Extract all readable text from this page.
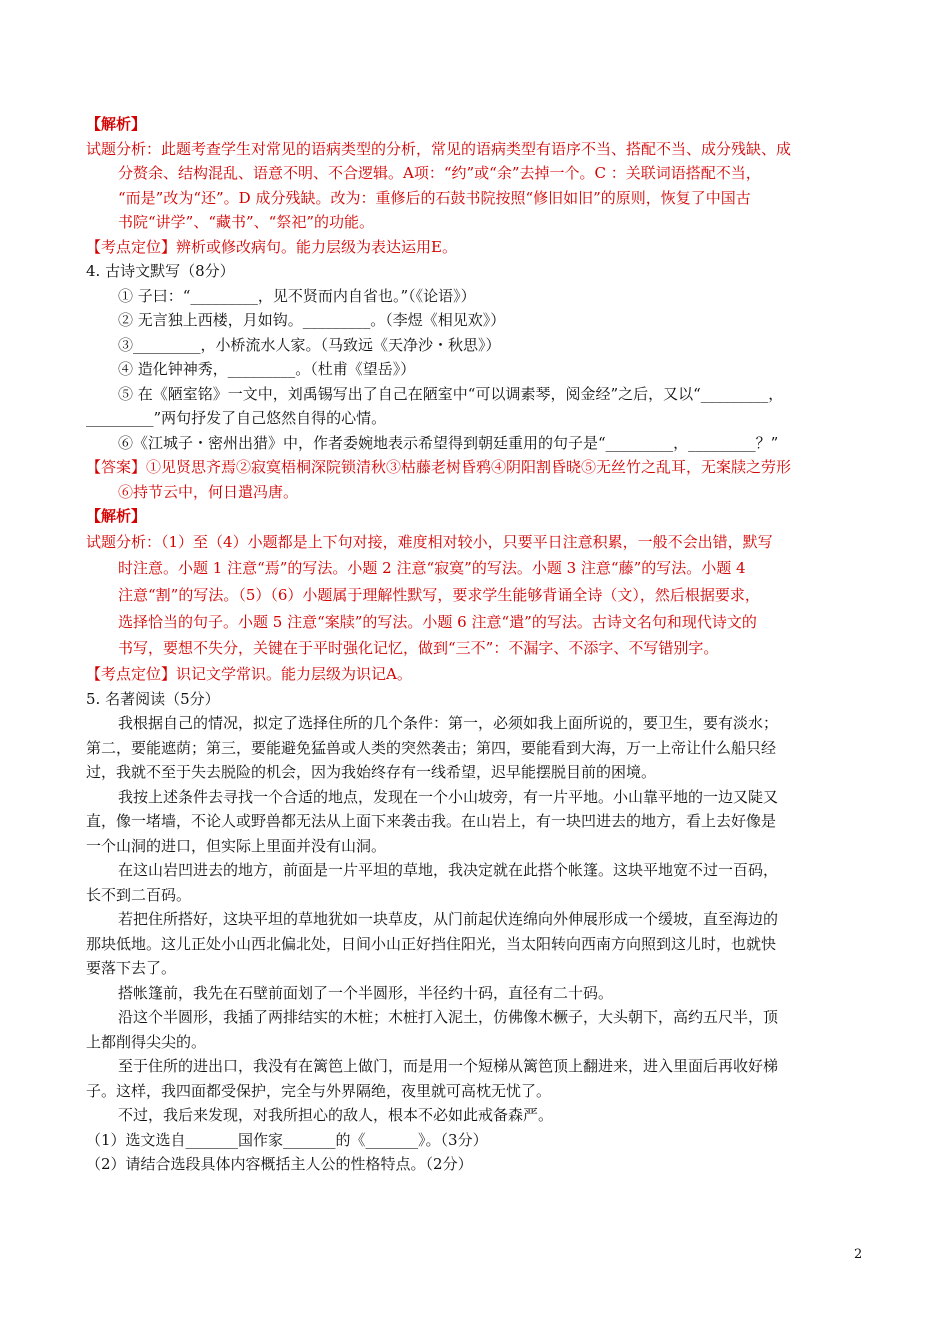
【解析】

试题分析：此题考查学生对常见的语病类型的分析，常见的语病类型有语序不当、搭配不当、成分残缺、成

分赘余、结构混乱、语意不明、不合逻辑。A项：“约”或“余”去掉一个。C ：关联词语搭配不当，

“而是”改为“还”。D 成分残缺。改为：重修后的石鼓书院按照“修旧如旧”的原则，恢复了中国古

书院“讲学”、“藏书”、“祭祀”的功能。

【考点定位】辨析或修改病句。能力层级为表达运用E。

4. 古诗文默写（8分）

① 子曰：“_________，见不贤而内自省也。”（《论语》）

② 无言独上西楼，月如钩。_________。（李煜《相见欢》）

③_________，小桥流水人家。（马致远《天净沙・秋思》）

④ 造化钟神秀，_________。（杜甫《望岳》）

⑤ 在《陋室铭》一文中，刘禹锡写出了自己在陋室中“可以调素琴，阅金经”之后，又以“_________，

_________”两句抒发了自己悠然自得的心情。

⑥《江城子・密州出猎》中，作者委婉地表示希望得到朝廷重用的句子是“_________，_________？”

【答案】①见贤思齐焉②寂寞梧桐深院锁清秋③枯藤老树昏鸦④阴阳割昏晓⑤无丝竹之乱耳，无案牍之劳形

⑥持节云中，何日遣冯唐。

【解析】

试题分析：（1）至（4）小题都是上下句对接，难度相对较小，只要平日注意积累，一般不会出错，默写

时注意。小题 1 注意“焉”的写法。小题 2 注意“寂寞”的写法。小题 3 注意“藤”的写法。小题 4

注意“割”的写法。（5）（6）小题属于理解性默写，要求学生能够背诵全诗（文），然后根据要求，

选择恰当的句子。小题 5 注意“案牍”的写法。小题 6 注意“遣”的写法。古诗文名句和现代诗文的

书写，要想不失分，关键在于平时强化记忆，做到“三不”：不漏字、不添字、不写错别字。

【考点定位】识记文学常识。能力层级为识记A。

5. 名著阅读（5分）

我根据自己的情况，拟定了选择住所的几个条件：第一，必须如我上面所说的，要卫生，要有淡水；

第二，要能遮荫；第三，要能避免猛兽或人类的突然袭击；第四，要能看到大海，万一上帝让什么船只经

过，我就不至于失去脱险的机会，因为我始终存有一线希望，迟早能摆脱目前的困境。

我按上述条件去寻找一个合适的地点，发现在一个小山坡旁，有一片平地。小山靠平地的一边又陡又

直，像一堵墙，不论人或野兽都无法从上面下来袭击我。在山岩上，有一块凹进去的地方，看上去好像是

一个山洞的进口，但实际上里面并没有山洞。

在这山岩凹进去的地方，前面是一片平坦的草地，我决定就在此搭个帐篷。这块平地宽不过一百码，

长不到二百码。

若把住所搭好，这块平坦的草地犹如一块草皮，从门前起伏连绵向外伸展形成一个缓坡，直至海边的

那块低地。这儿正处小山西北偏北处，日间小山正好挡住阳光，当太阳转向西南方向照到这儿时，也就快

要落下去了。

搭帐篷前，我先在石壁前面划了一个半圆形，半径约十码，直径有二十码。

沿这个半圆形，我插了两排结实的木桩；木桩打入泥土，仿佛像木橛子，大头朝下，高约五尺半，顶

上都削得尖尖的。

至于住所的进出口，我没有在篱笆上做门，而是用一个短梯从篱笆顶上翻进来，进入里面后再收好梯

子。这样，我四面都受保护，完全与外界隔绝，夜里就可高枕无忧了。

不过，我后来发现，对我所担心的敌人，根本不必如此戒备森严。

（1）选文选自_______国作家_______的《_______》。（3分）

（2）请结合选段具体内容概括主人公的性格特点。（2分）

2
